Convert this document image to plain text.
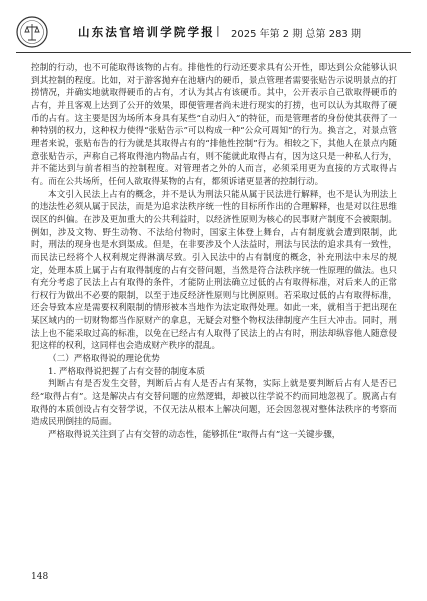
山东法官培训学院学报 | 2025 年第 2 期 总第 283 期

控制的行动，也不可能取得该物的占有。排他性的行动还要求具有公开性，即达到公众能够认识到其控制的程度。比如，对于游客抛弃在池塘内的硬币，景点管理者需要张贴告示说明景点的打捞情况，并确实地就取得硬币的占有，才认为其占有该硬币。其中，公开表示自己欲取得硬币的占有，并且客观上达到了公开的效果，即便管理者尚未进行现实的打捞，也可以认为其取得了硬币的占有。这主要是因为场所本身具有某些“自动归入”的特征，而是管理者的身份使其获得了一种特别的权力，这种权力使得“张贴告示”可以构成一种“公众可周知”的行为。换言之，对景点管理者来说，张贴布告的行为就是其取得占有的“排他性控制”行为。相较之下，其他人在景点内随意张贴告示，声称自己将取得池内物品占有，则不能就此取得占有，因为这只是一种私人行为，并不能达到与前者相当的控制程度。对管理者之外的人而言，必须采用更为直接的方式取得占有。而在公共场所，任何人欲取得某物的占有，都须诉诸更显著的控制行动。

本文引入民法上占有的概念，并不是认为刑法只能从属于民法进行解释，也不是认为刑法上的违法性必须从属于民法，而是为追求法秩序统一性的目标所作出的合理解释，也是对以往思维误区的纠偏。在涉及更加重大的公共利益时，以经济性原则为核心的民事财产制度不会被限制。例如，涉及文物、野生动物、不法给付物时，国家主体登上舞台，占有制度就会遭到限制，此时，刑法的现身也是水到渠成。但是，在非要涉及个人法益时，刑法与民法的追求具有一致性，而民法已经将个人权利规定得淋漓尽致。引入民法中的占有制度的概念，补充刑法中未尽的规定，处理本质上属于占有取得制度的占有交替问题，当然是符合法秩序统一性原理的做法。也只有充分考虑了民法上占有取得的条件，才能防止刑法确立过低的占有取得标准，对后来人的正常行权行为做出不必要的限制，以至于违反经济性原则与比例原则。若采取过低的占有取得标准，还会导致本应是需要权利限制的情形被本当地作为法定取得处理。如此一来，就相当于把出现在某区域内的一切财物都当作原财产的拿息，无疑会对整个物权法律制度产生巨大冲击。同时，刑法上也不能采取过高的标准，以免在已经占有人取得了民法上的占有时，刑法却纵容他人随意侵犯这样的权利，这同样也会造成财产秩序的混乱。

（二）严格取得说的理论优势

1. 严格取得说把握了占有交替的制度本质

判断占有是否发生交替，判断后占有人是否占有某物，实际上就是要判断后占有人是否已经“取得占有”。这是解决占有交替问题的应然逻辑，却被以往学说不约而同地忽视了。脱离占有取得的本质创设占有交替学说，不仅无法从根本上解决问题，还会因忽视对整体法秩序的考察而造成民刑倒挂的局面。

严格取得说关注到了占有交替的动态性，能够抓住“取得占有”这一关键步骤，

148
